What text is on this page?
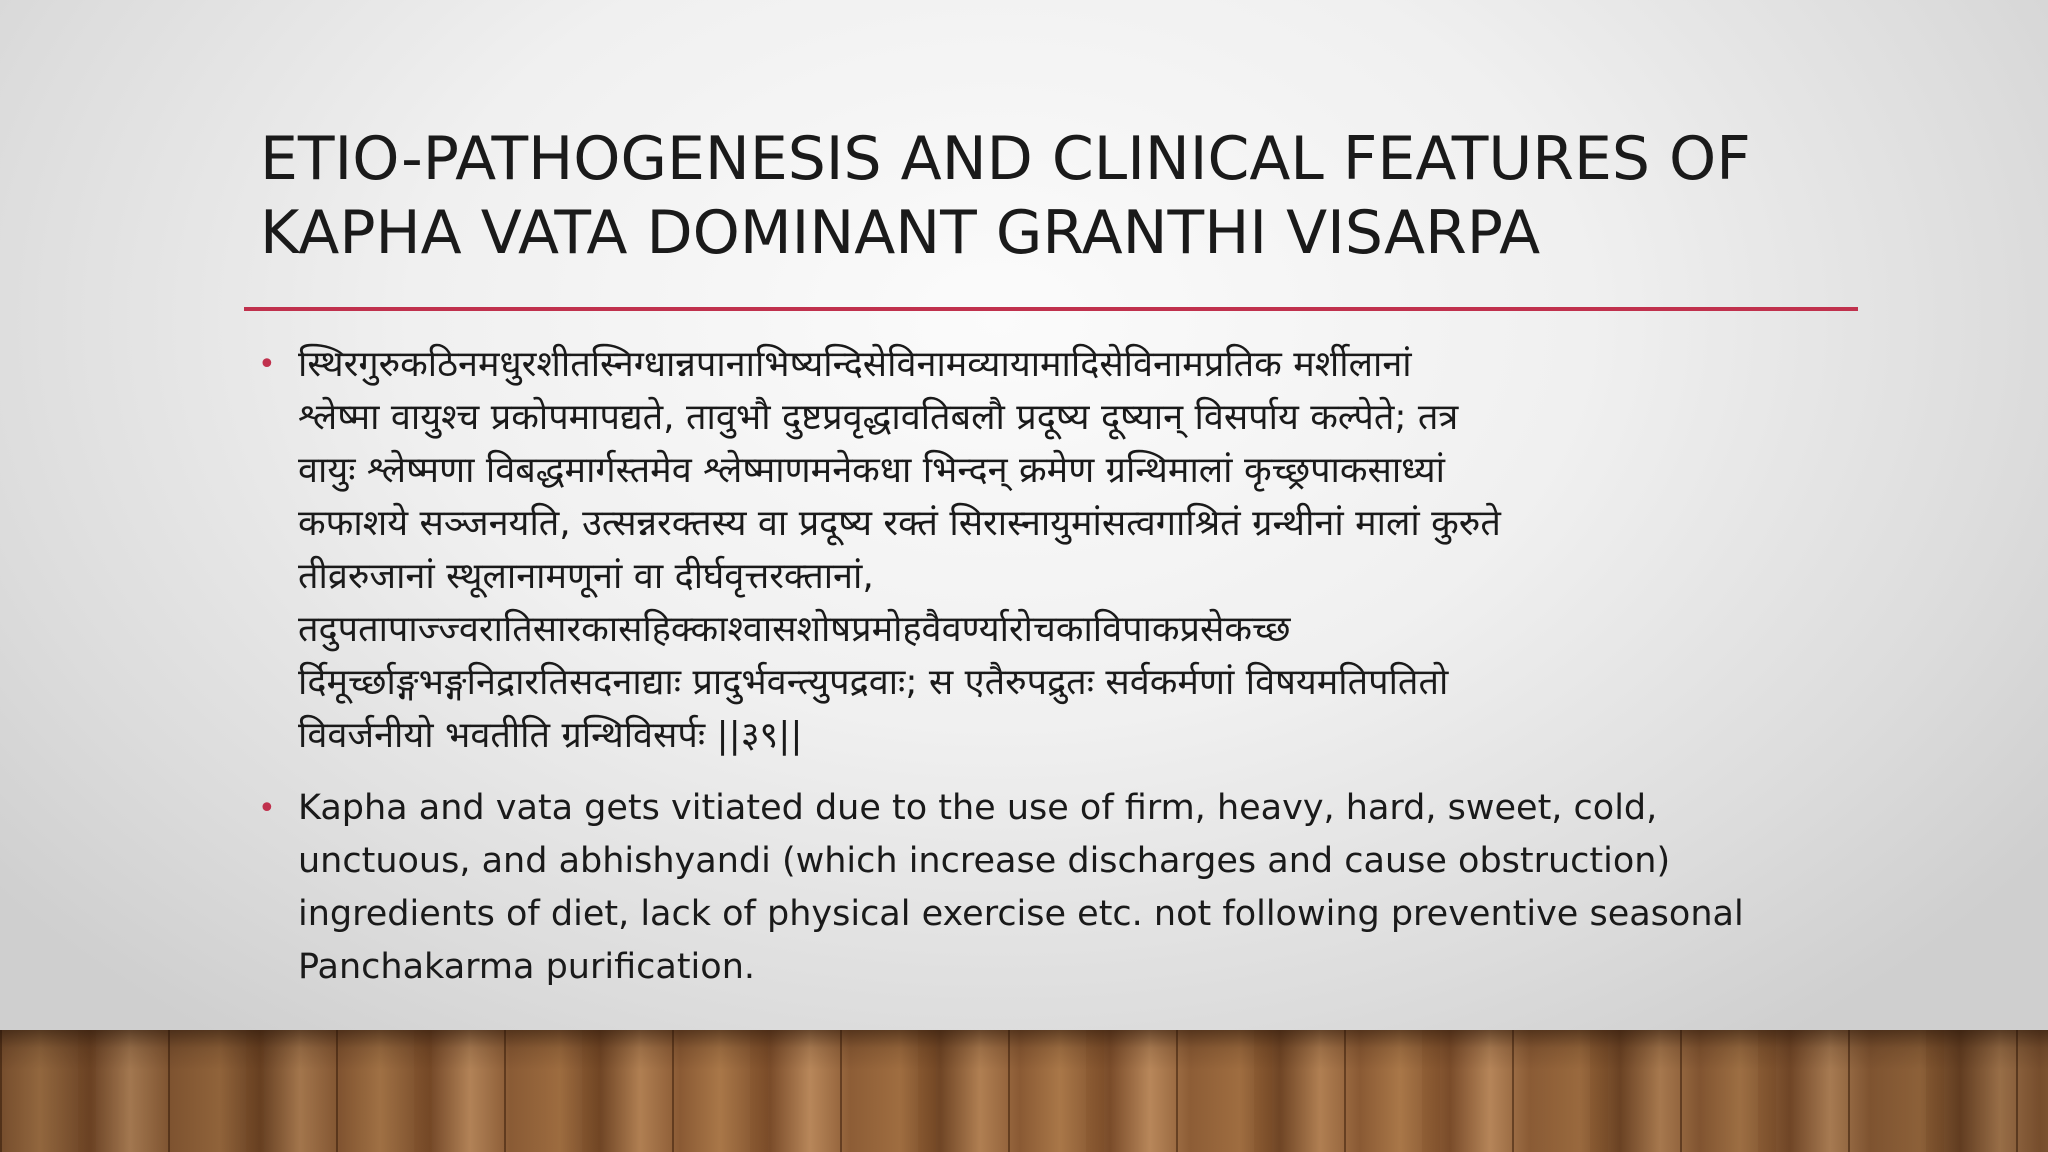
ETIO-PATHOGENESIS AND CLINICAL FEATURES OF
KAPHA VATA DOMINANT GRANTHI VISARPA
• स्थिरगुरुकठिनमधुरशीतस्निग्धान्नपानाभिष्यन्दिसेविनामव्यायामादिसेविनामप्रतिक मर्शीलानां
श्लेष्मा वायुश्च प्रकोपमापद्यते, तावुभौ दुष्टप्रवृद्धावतिबलौ प्रदूष्य दूष्यान् विसर्पाय कल्पेते; तत्र
वायुः श्लेष्मणा विबद्धमार्गस्तमेव श्लेष्माणमनेकधा भिन्दन् क्रमेण ग्रन्थिमालां कृच्छ्रपाकसाध्यां
कफाशये सञ्जनयति, उत्सन्नरक्तस्य वा प्रदूष्य रक्तं सिरास्नायुमांसत्वगाश्रितं ग्रन्थीनां मालां कुरुते
तीव्ररुजानां स्थूलानामणूनां वा दीर्घवृत्तरक्तानां,
तदुपतापाज्ज्वरातिसारकासहिक्काश्वासशोषप्रमोहवैवर्ण्यारोचकाविपाकप्रसेकच्छ
र्दिमूर्च्छाङ्गभङ्गनिद्रारतिसदनाद्याः प्रादुर्भवन्त्युपद्रवाः; स एतैरुपद्रुतः सर्वकर्मणां विषयमतिपतितो
विवर्जनीयो भवतीति ग्रन्थिविसर्पः ||३९||
• Kapha and vata gets vitiated due to the use of firm, heavy, hard, sweet, cold,
unctuous, and abhishyandi (which increase discharges and cause obstruction)
ingredients of diet, lack of physical exercise etc. not following preventive seasonal
Panchakarma purification.
